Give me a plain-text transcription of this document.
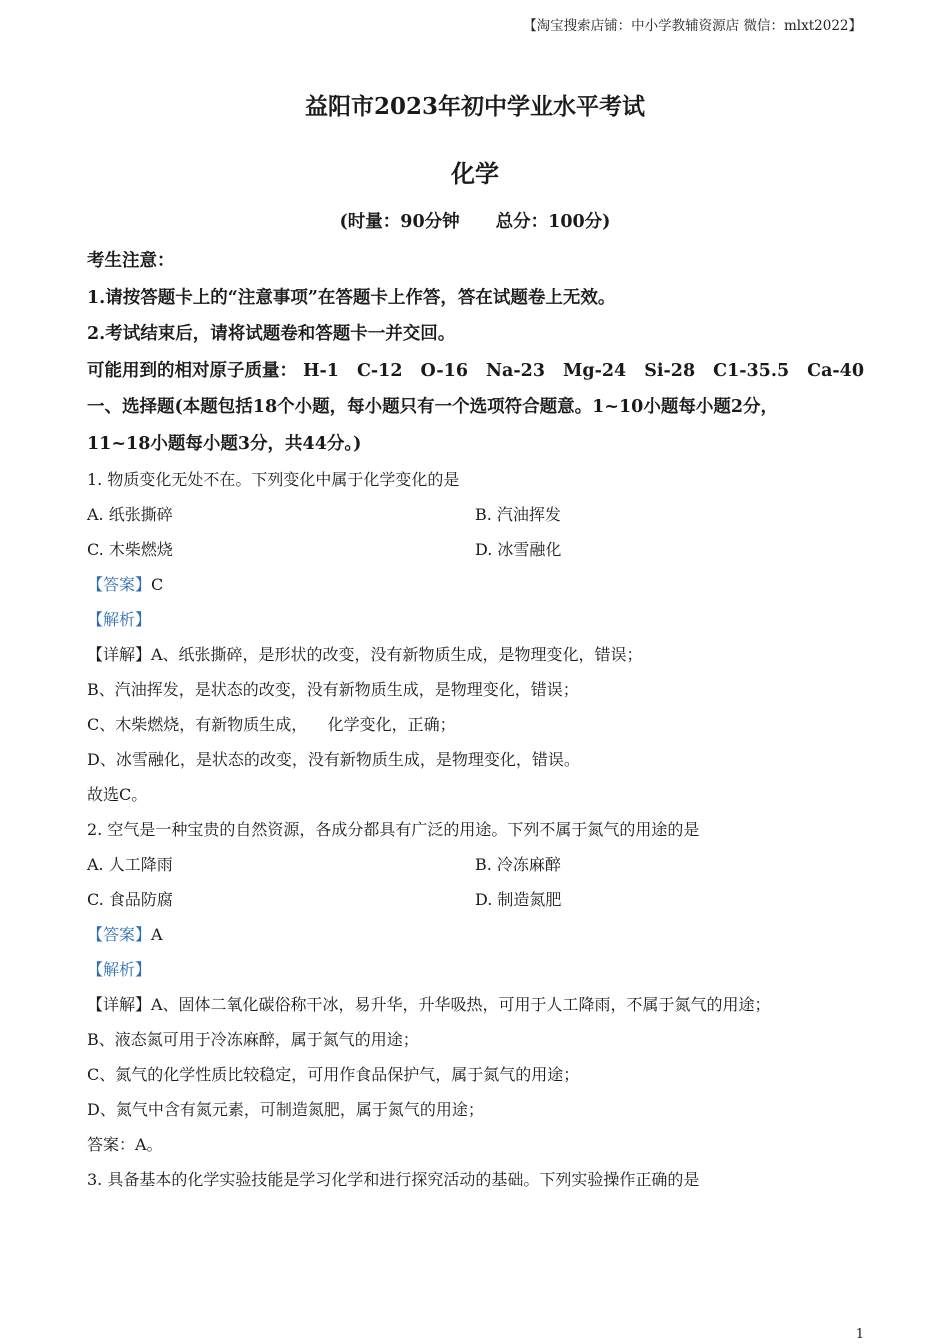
【淘宝搜索店铺：中小学教辅资源店 微信：mlxt2022】
益阳市2023年初中学业水平考试
化学
(时量：90分钟 总分：100分)
考生注意：
1.请按答题卡上的“注意事项”在答题卡上作答，答在试题卷上无效。
2.考试结束后，请将试题卷和答题卡一并交回。
可能用到的相对原子质量： H-1 C-12 O-16 Na-23 Mg-24 Si-28 C1-35.5 Ca-40
一、选择题(本题包括18个小题，每小题只有一个选项符合题意。1~10小题每小题2分，
11~18小题每小题3分，共44分。)
1. 物质变化无处不在。下列变化中属于化学变化的是
A. 纸张撕碎	B. 汽油挥发
C. 木柴燃烧	D. 冰雪融化
【答案】C
【解析】
【详解】A、纸张撕碎，是形状的改变，没有新物质生成，是物理变化，错误；
B、汽油挥发，是状态的改变，没有新物质生成，是物理变化，错误；
C、木柴燃烧，有新物质生成，    化学变化，正确；
D、冰雪融化，是状态的改变，没有新物质生成，是物理变化，错误。
故选C。
2. 空气是一种宝贵的自然资源，各成分都具有广泛的用途。下列不属于氮气的用途的是
A. 人工降雨	B. 冷冻麻醉
C. 食品防腐	D. 制造氮肥
【答案】A
【解析】
【详解】A、固体二氧化碳俗称干冰，易升华，升华吸热，可用于人工降雨，不属于氮气的用途；
B、液态氮可用于冷冻麻醉，属于氮气的用途；
C、氮气的化学性质比较稳定，可用作食品保护气，属于氮气的用途；
D、氮气中含有氮元素，可制造氮肥，属于氮气的用途；
答案：A。
3. 具备基本的化学实验技能是学习化学和进行探究活动的基础。下列实验操作正确的是
1
